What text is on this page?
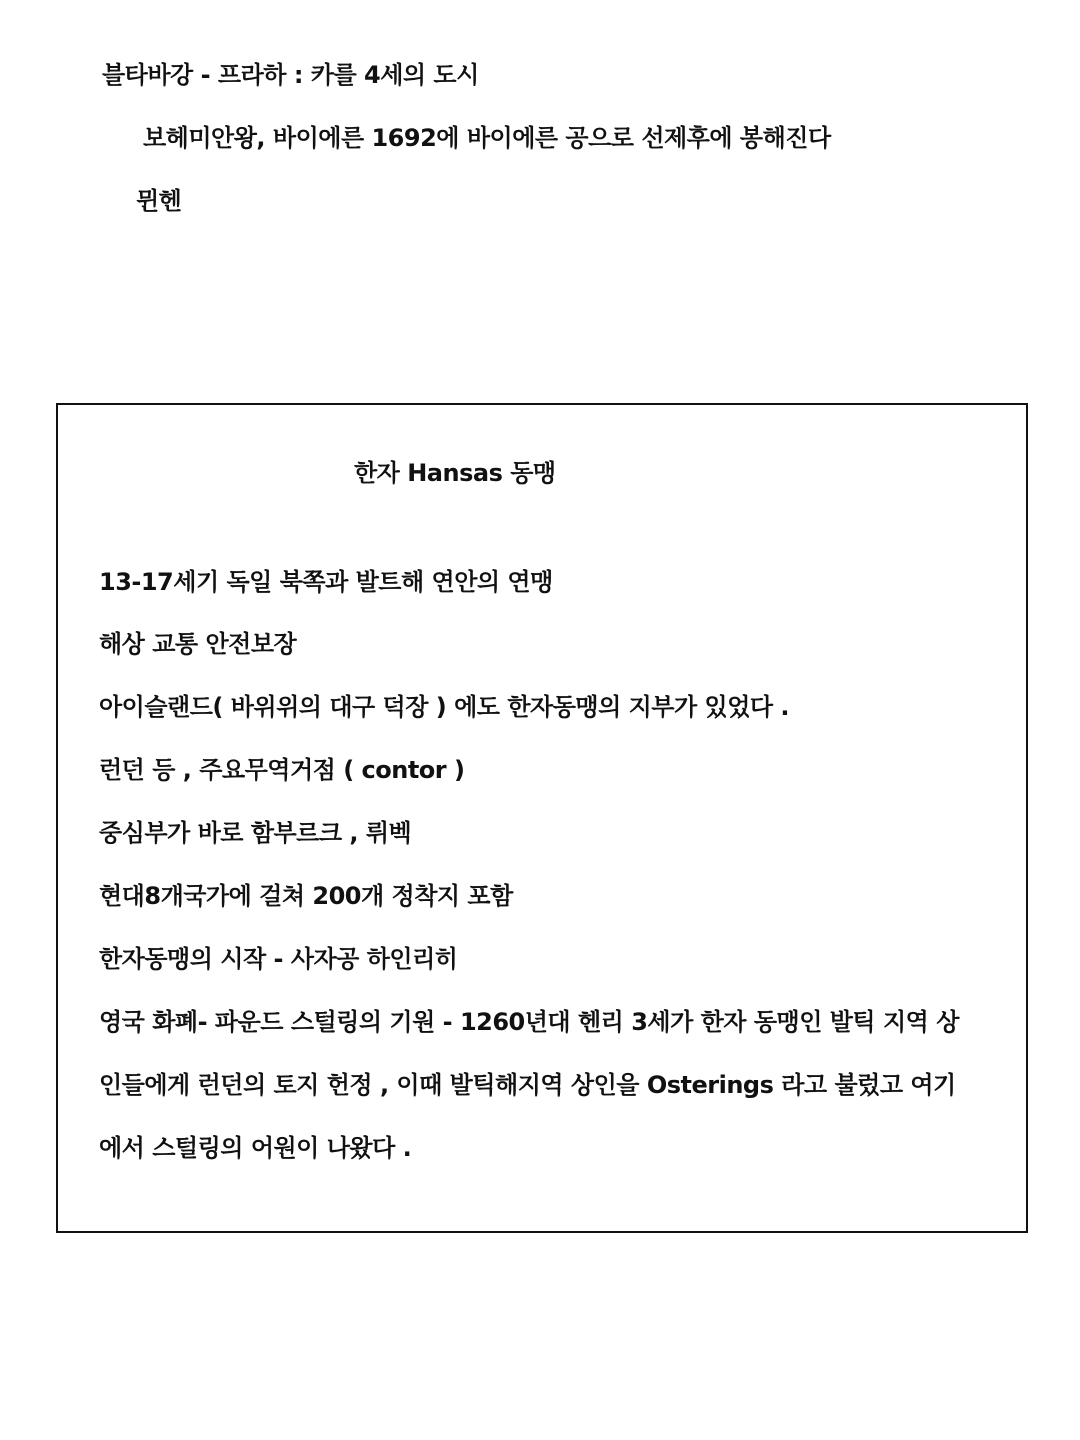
블타바강 - 프라하 : 카를 4세의 도시
보헤미안왕, 바이에른 1692에 바이에른 공으로 선제후에 봉해진다
뮌헨
한자 Hansas 동맹
13-17세기 독일 북쪽과 발트해 연안의 연맹
해상 교통 안전보장
아이슬랜드( 바위위의 대구 덕장 ) 에도 한자동맹의 지부가 있었다 .
런던 등 , 주요무역거점 ( contor )
중심부가 바로 함부르크 , 뤼벡
현대8개국가에 걸쳐 200개 정착지 포함
한자동맹의 시작 - 사자공 하인리히
영국 화폐- 파운드 스털링의 기원 - 1260년대 헨리 3세가 한자 동맹인 발틱 지역 상
인들에게 런던의 토지 헌정 , 이때 발틱해지역 상인을 Osterings 라고 불렀고 여기
에서 스털링의 어원이 나왔다 .
